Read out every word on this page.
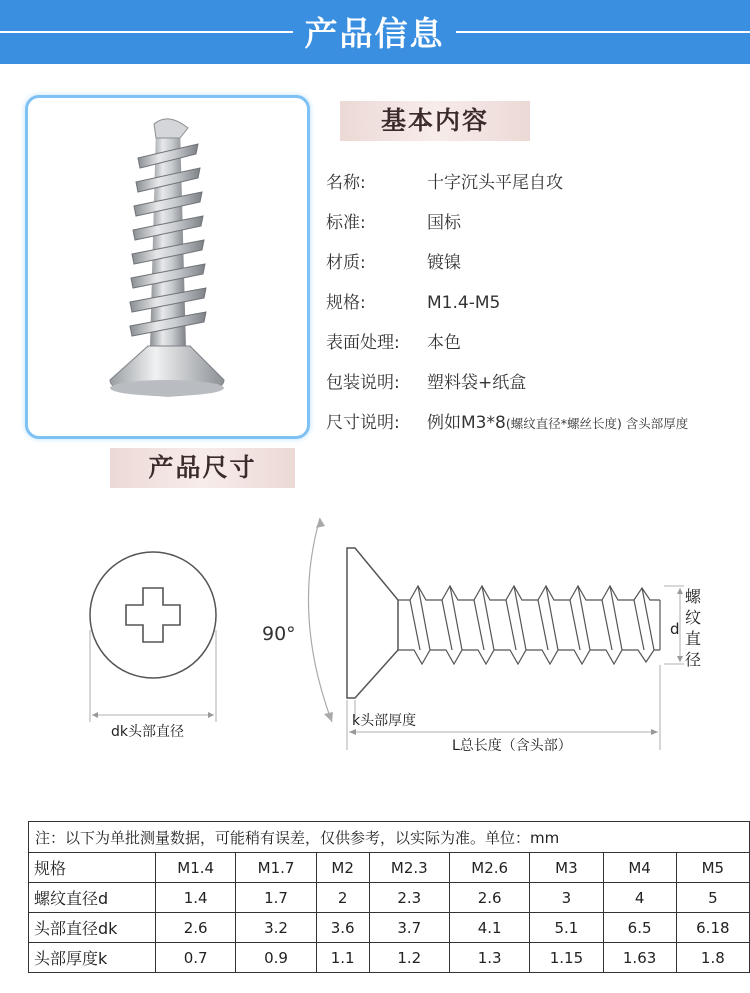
产品信息
基本内容
名称:	十字沉头平尾自攻
标准:	国标
材质:	镀镍
规格:	M1.4-M5
表面处理: 本色
包装说明: 塑料袋+纸盒
尺寸说明: 例如M3*8(螺纹直径*螺丝长度) 含头部厚度
产品尺寸
dk头部直径
90°
k头部厚度
L总长度（含头部）
d
螺
纹
直
径
注：以下为单批测量数据，可能稍有误差，仅供参考，以实际为准。单位：mm								
规格	M1.4	M1.7	M2	M2.3	M2.6	M3	M4	M5
螺纹直径d	1.4	1.7	2	2.3	2.6	3	4	5
头部直径dk	2.6	3.2	3.6	3.7	4.1	5.1	6.5	6.18
头部厚度k	0.7	0.9	1.1	1.2	1.3	1.15	1.63	1.8
